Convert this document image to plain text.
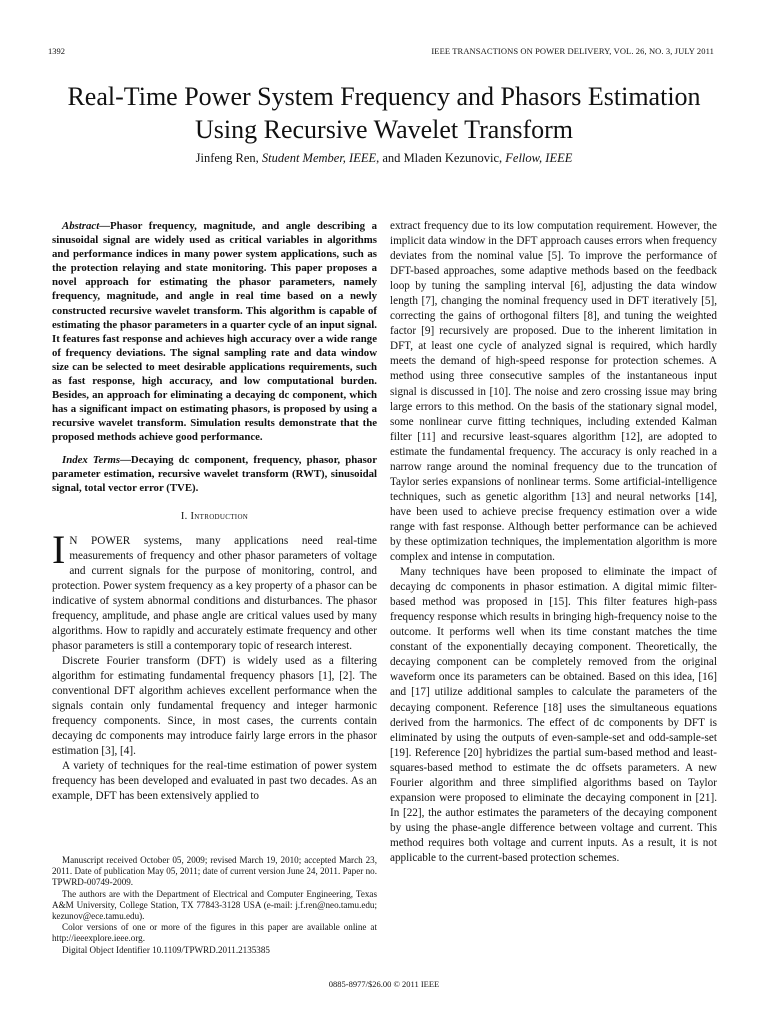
1392	IEEE TRANSACTIONS ON POWER DELIVERY, VOL. 26, NO. 3, JULY 2011
Real-Time Power System Frequency and Phasors Estimation Using Recursive Wavelet Transform
Jinfeng Ren, Student Member, IEEE, and Mladen Kezunovic, Fellow, IEEE

Abstract—Phasor frequency, magnitude, and angle describing a sinusoidal signal are widely used as critical variables in algorithms and performance indices in many power system applications, such as the protection relaying and state monitoring. This paper proposes a novel approach for estimating the phasor parameters, namely frequency, magnitude, and angle in real time based on a newly constructed recursive wavelet transform. This algorithm is capable of estimating the phasor parameters in a quarter cycle of an input signal. It features fast response and achieves high accuracy over a wide range of frequency deviations. The signal sampling rate and data window size can be selected to meet desirable applications requirements, such as fast response, high accuracy, and low computational burden. Besides, an approach for eliminating a decaying dc component, which has a significant impact on estimating phasors, is proposed by using a recursive wavelet transform. Simulation results demonstrate that the proposed methods achieve good performance.

Index Terms—Decaying dc component, frequency, phasor, phasor parameter estimation, recursive wavelet transform (RWT), sinusoidal signal, total vector error (TVE).

I. Introduction

I N POWER systems, many applications need real-time measurements of frequency and other phasor parameters of voltage and current signals for the purpose of monitoring, control, and protection. Power system frequency as a key property of a phasor can be indicative of system abnormal conditions and disturbances. The phasor frequency, amplitude, and phase angle are critical values used by many algorithms. How to rapidly and accurately estimate frequency and other phasor parameters is still a contemporary topic of research interest.

Discrete Fourier transform (DFT) is widely used as a filtering algorithm for estimating fundamental frequency phasors [1], [2]. The conventional DFT algorithm achieves excellent performance when the signals contain only fundamental frequency and integer harmonic frequency components. Since, in most cases, the currents contain decaying dc components may introduce fairly large errors in the phasor estimation [3], [4].

A variety of techniques for the real-time estimation of power system frequency has been developed and evaluated in past two decades. As an example, DFT has been extensively applied to

Manuscript received October 05, 2009; revised March 19, 2010; accepted March 23, 2011. Date of publication May 05, 2011; date of current version June 24, 2011. Paper no. TPWRD-00749-2009.

The authors are with the Department of Electrical and Computer Engineering, Texas A&M University, College Station, TX 77843-3128 USA (e-mail: j.f.ren@neo.tamu.edu; kezunov@ece.tamu.edu).

Color versions of one or more of the figures in this paper are available online at http://ieeexplore.ieee.org.

Digital Object Identifier 10.1109/TPWRD.2011.2135385

extract frequency due to its low computation requirement. However, the implicit data window in the DFT approach causes errors when frequency deviates from the nominal value [5]. To improve the performance of DFT-based approaches, some adaptive methods based on the feedback loop by tuning the sampling interval [6], adjusting the data window length [7], changing the nominal frequency used in DFT iteratively [5], correcting the gains of orthogonal filters [8], and tuning the weighted factor [9] recursively are proposed. Due to the inherent limitation in DFT, at least one cycle of analyzed signal is required, which hardly meets the demand of high-speed response for protection schemes. A method using three consecutive samples of the instantaneous input signal is discussed in [10]. The noise and zero crossing issue may bring large errors to this method. On the basis of the stationary signal model, some nonlinear curve fitting techniques, including extended Kalman filter [11] and recursive least-squares algorithm [12], are adopted to estimate the fundamental frequency. The accuracy is only reached in a narrow range around the nominal frequency due to the truncation of Taylor series expansions of nonlinear terms. Some artificial-intelligence techniques, such as genetic algorithm [13] and neural networks [14], have been used to achieve precise frequency estimation over a wide range with fast response. Although better performance can be achieved by these optimization techniques, the implementation algorithm is more complex and intense in computation.

Many techniques have been proposed to eliminate the impact of decaying dc components in phasor estimation. A digital mimic filter-based method was proposed in [15]. This filter features high-pass frequency response which results in bringing high-frequency noise to the outcome. It performs well when its time constant matches the time constant of the exponentially decaying component. Theoretically, the decaying component can be completely removed from the original waveform once its parameters can be obtained. Based on this idea, [16] and [17] utilize additional samples to calculate the parameters of the decaying component. Reference [18] uses the simultaneous equations derived from the harmonics. The effect of dc components by DFT is eliminated by using the outputs of even-sample-set and odd-sample-set [19]. Reference [20] hybridizes the partial sum-based method and least-squares-based method to estimate the dc offsets parameters. A new Fourier algorithm and three simplified algorithms based on Taylor expansion were proposed to eliminate the decaying component in [21]. In [22], the author estimates the parameters of the decaying component by using the phase-angle difference between voltage and current. This method requires both voltage and current inputs. As a result, it is not applicable to the current-based protection schemes.

0885-8977/$26.00 © 2011 IEEE
